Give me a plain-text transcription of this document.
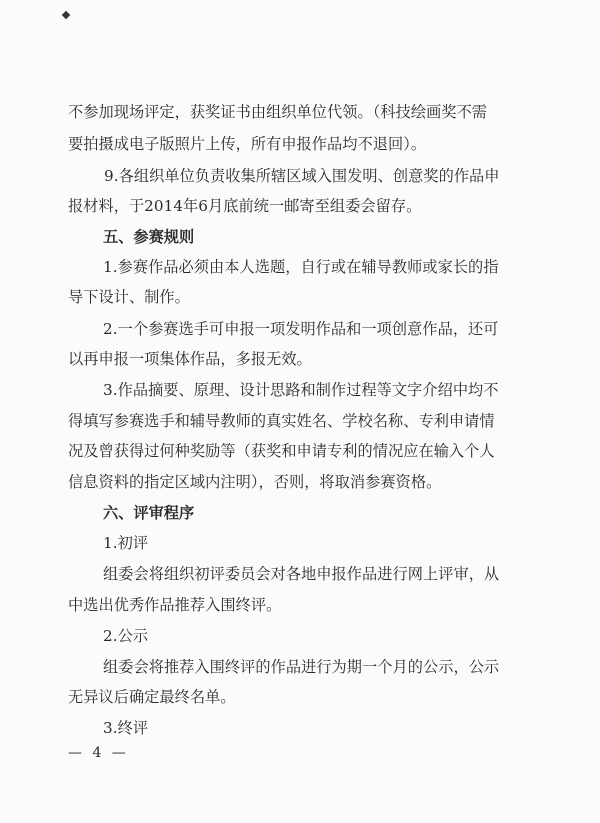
不参加现场评定，获奖证书由组织单位代领。（科技绘画奖不需
要拍摄成电子版照片上传，所有申报作品均不退回）。
9.各组织单位负责收集所辖区域入围发明、创意奖的作品申
报材料，于2014年6月底前统一邮寄至组委会留存。
五、参赛规则
1.参赛作品必须由本人选题，自行或在辅导教师或家长的指
导下设计、制作。
2.一个参赛选手可申报一项发明作品和一项创意作品，还可
以再申报一项集体作品，多报无效。
3.作品摘要、原理、设计思路和制作过程等文字介绍中均不
得填写参赛选手和辅导教师的真实姓名、学校名称、专利申请情
况及曾获得过何种奖励等（获奖和申请专利的情况应在输入个人
信息资料的指定区域内注明），否则，将取消参赛资格。
六、评审程序
1.初评
组委会将组织初评委员会对各地申报作品进行网上评审，从
中选出优秀作品推荐入围终评。
2.公示
组委会将推荐入围终评的作品进行为期一个月的公示，公示
无异议后确定最终名单。
3.终评
— 4 —
